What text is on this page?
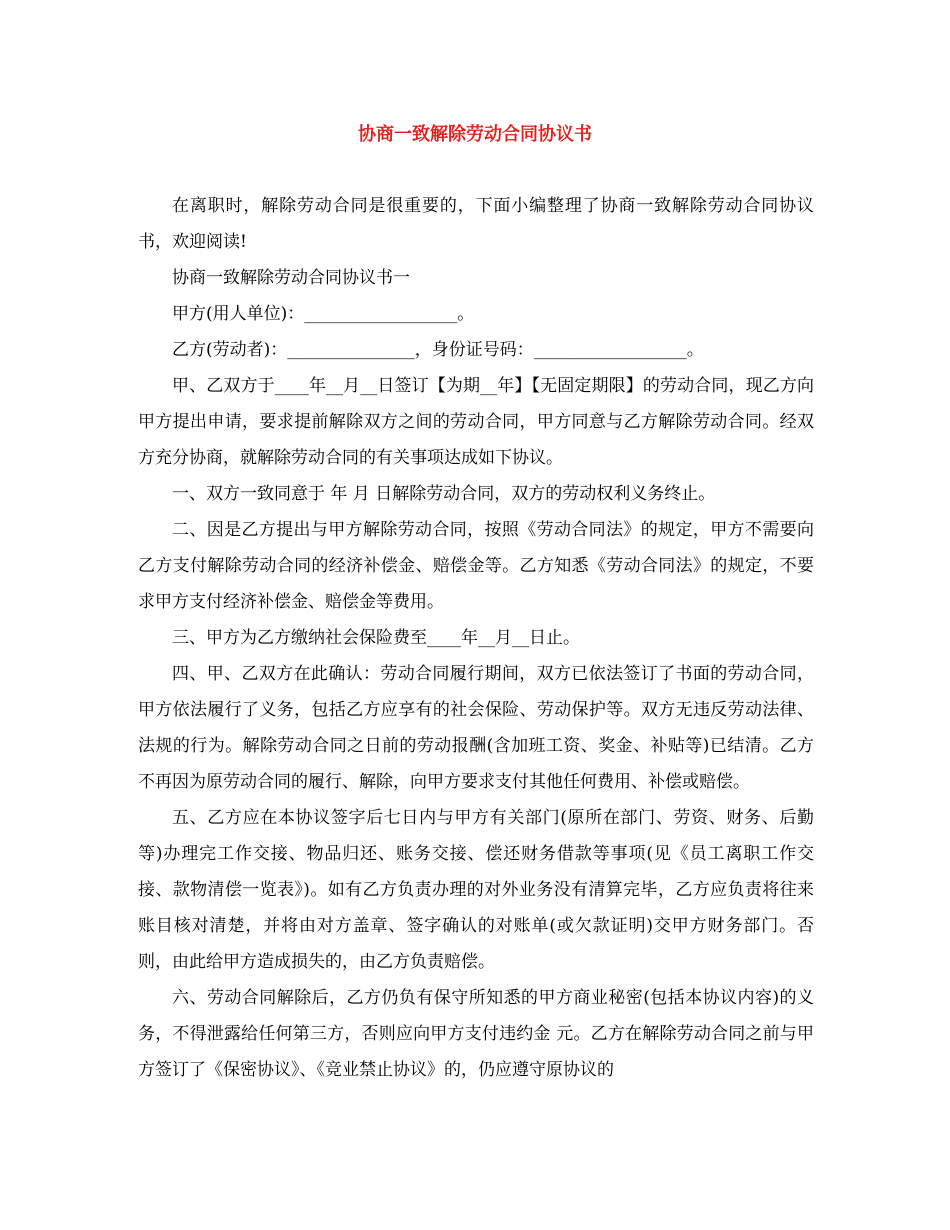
协商一致解除劳动合同协议书

在离职时，解除劳动合同是很重要的，下面小编整理了协商一致解除劳动合同协议书，欢迎阅读!

协商一致解除劳动合同协议书一

甲方(用人单位)：__________________。

乙方(劳动者)：_______________，身份证号码：__________________。

甲、乙双方于____年__月__日签订【为期__年】【无固定期限】的劳动合同，现乙方向甲方提出申请，要求提前解除双方之间的劳动合同，甲方同意与乙方解除劳动合同。经双方充分协商，就解除劳动合同的有关事项达成如下协议。

一、双方一致同意于 年 月 日解除劳动合同，双方的劳动权利义务终止。

二、因是乙方提出与甲方解除劳动合同，按照《劳动合同法》的规定，甲方不需要向乙方支付解除劳动合同的经济补偿金、赔偿金等。乙方知悉《劳动合同法》的规定，不要求甲方支付经济补偿金、赔偿金等费用。

三、甲方为乙方缴纳社会保险费至____年__月__日止。

四、甲、乙双方在此确认：劳动合同履行期间，双方已依法签订了书面的劳动合同，甲方依法履行了义务，包括乙方应享有的社会保险、劳动保护等。双方无违反劳动法律、法规的行为。解除劳动合同之日前的劳动报酬(含加班工资、奖金、补贴等)已结清。乙方不再因为原劳动合同的履行、解除，向甲方要求支付其他任何费用、补偿或赔偿。

五、乙方应在本协议签字后七日内与甲方有关部门(原所在部门、劳资、财务、后勤等)办理完工作交接、物品归还、账务交接、偿还财务借款等事项(见《员工离职工作交接、款物清偿一览表》)。如有乙方负责办理的对外业务没有清算完毕，乙方应负责将往来账目核对清楚，并将由对方盖章、签字确认的对账单(或欠款证明)交甲方财务部门。否则，由此给甲方造成损失的，由乙方负责赔偿。

六、劳动合同解除后，乙方仍负有保守所知悉的甲方商业秘密(包括本协议内容)的义务，不得泄露给任何第三方，否则应向甲方支付违约金 元。乙方在解除劳动合同之前与甲方签订了《保密协议》、《竞业禁止协议》的，仍应遵守原协议的
